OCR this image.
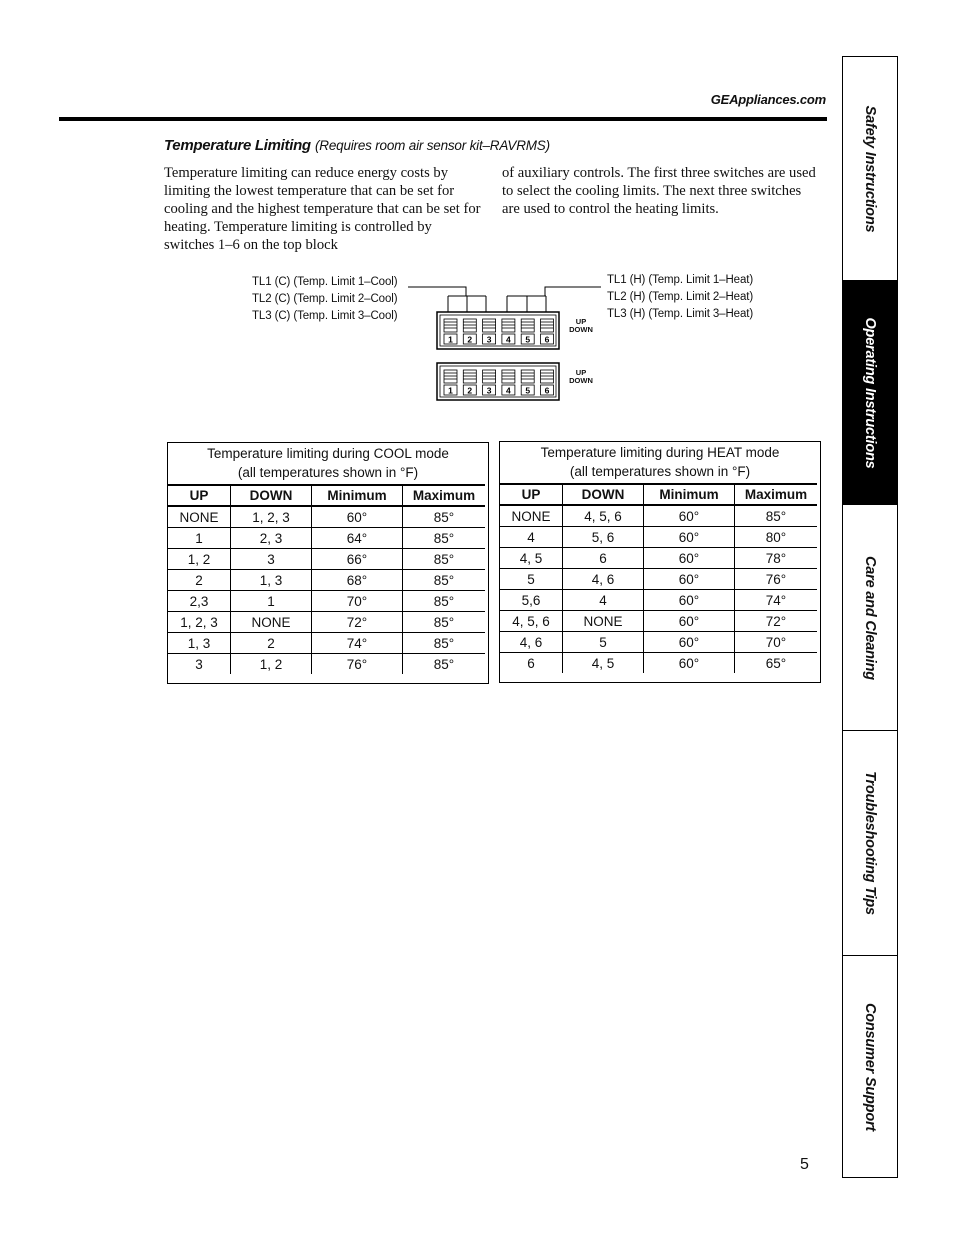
GEAppliances.com
Temperature Limiting (Requires room air sensor kit–RAVRMS)
Temperature limiting can reduce energy costs by limiting the lowest temperature that can be set for cooling and the highest temperature that can be set for heating. Temperature limiting is controlled by switches 1–6 on the top block
of auxiliary controls. The first three switches are used to select the cooling limits. The next three switches are used to control the heating limits.
TL1 (C) (Temp. Limit 1–Cool)
TL2 (C) (Temp. Limit 2–Cool)
TL3 (C) (Temp. Limit 3–Cool)
TL1 (H) (Temp. Limit 1–Heat)
TL2 (H) (Temp. Limit 2–Heat)
TL3 (H) (Temp. Limit 3–Heat)
1 2 3 4 5 6
1 2 3 4 5 6
UP
DOWN
UP
DOWN
Temperature limiting during COOL mode
(all temperatures shown in °F)
UP	DOWN	Minimum	Maximum
NONE	1, 2, 3	60°	85°
1	2, 3	64°	85°
1, 2	3	66°	85°
2	1, 3	68°	85°
2,3	1	70°	85°
1, 2, 3	NONE	72°	85°
1, 3	2	74°	85°
3	1, 2	76°	85°
Temperature limiting during HEAT mode
(all temperatures shown in °F)
UP	DOWN	Minimum	Maximum
NONE	4, 5, 6	60°	85°
4	5, 6	60°	80°
4, 5	6	60°	78°
5	4, 6	60°	76°
5,6	4	60°	74°
4, 5, 6	NONE	60°	72°
4, 6	5	60°	70°
6	4, 5	60°	65°
Safety Instructions
Operating Instructions
Care and Cleaning
Troubleshooting Tips
Consumer Support
5
